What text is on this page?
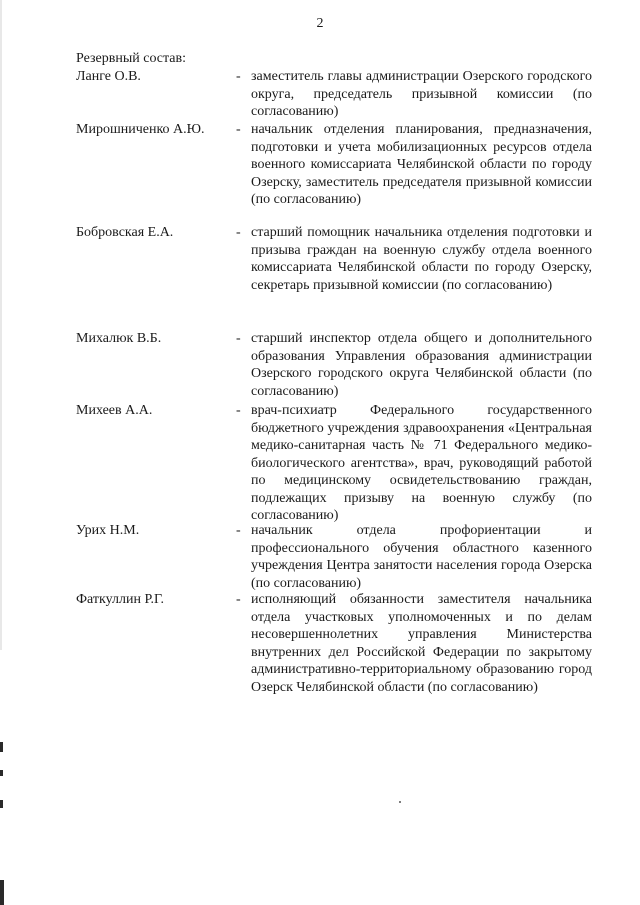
2
Резервный состав:
Ланге О.В.	- заместитель главы администрации Озерского городского округа, председатель призывной комиссии (по согласованию)
Мирошниченко А.Ю. - начальник отделения планирования, предназначения, подготовки и учета мобилизационных ресурсов отдела военного комиссариата Челябинской области по городу Озерску, заместитель председателя призывной комиссии (по согласованию)
Бобровская Е.А.	- старший помощник начальника отделения подготовки и призыва граждан на военную службу отдела военного комиссариата Челябинской области по городу Озерску, секретарь призывной комиссии (по согласованию)
Михалюк В.Б.	- старший инспектор отдела общего и дополнительного образования Управления образования администрации Озерского городского округа Челябинской области (по согласованию)
Михеев А.А.	- врач-психиатр Федерального государственного бюджетного учреждения здравоохранения «Центральная медико-санитарная часть № 71 Федерального медико-биологического агентства», врач, руководящий работой по медицинскому освидетельствованию граждан, подлежащих призыву на военную службу (по согласованию)
Урих Н.М.	- начальник отдела профориентации и профессионального обучения областного казенного учреждения Центра занятости населения города Озерска (по согласованию)
Фаткуллин Р.Г.	- исполняющий обязанности заместителя начальника отдела участковых уполномоченных и по делам несовершеннолетних управления Министерства внутренних дел Российской Федерации по закрытому административно-территориальному образованию город Озерск Челябинской области (по согласованию)
